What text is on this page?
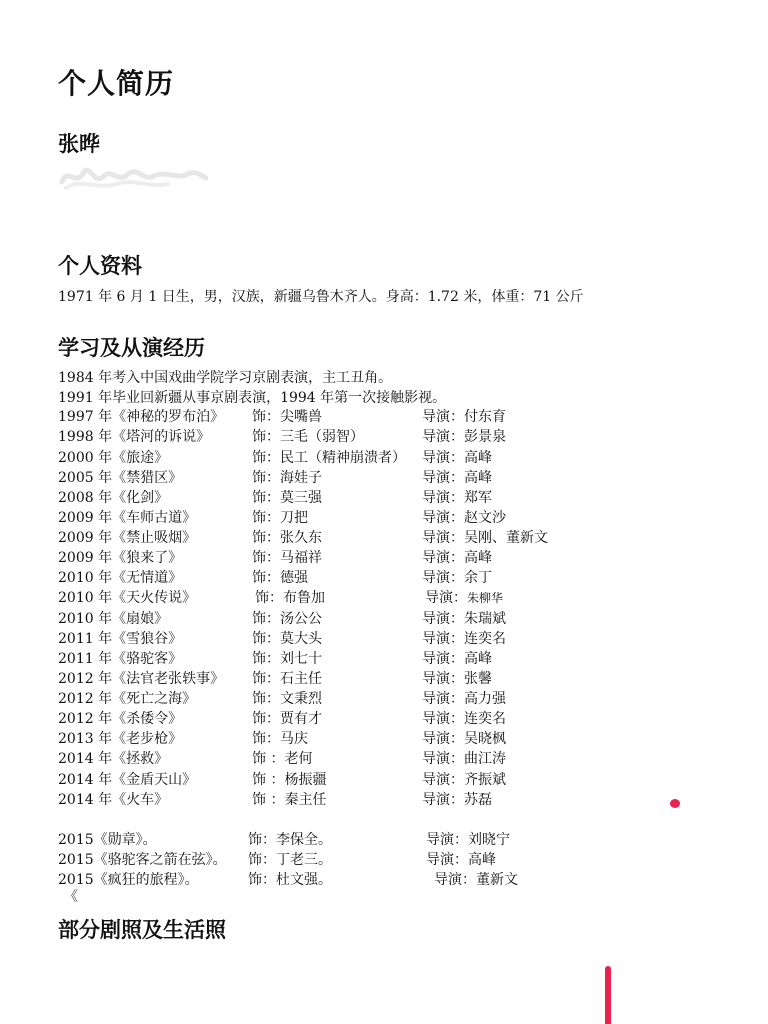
个人简历
张晔
个人资料
1971 年 6 月 1 日生，男，汉族，新疆乌鲁木齐人。身高：1.72 米，体重：71 公斤
学习及从演经历
1984 年考入中国戏曲学院学习京剧表演，主工丑角。
1991 年毕业回新疆从事京剧表演，1994 年第一次接触影视。
1997 年《神秘的罗布泊》 饰：尖嘴兽	导演：付东育
1998 年《塔河的诉说》	饰：三毛（弱智）	导演：彭景泉
2000 年《旅途》	饰：民工（精神崩溃者） 导演：高峰
2005 年《禁猎区》	饰：海娃子	导演：高峰
2008 年《化剑》	饰：莫三强	导演：郑军
2009 年《车师古道》	饰：刀把	导演：赵文沙
2009 年《禁止吸烟》	饰：张久东	导演：吴刚、董新文
2009 年《狼来了》	饰：马福祥	导演：高峰
2010 年《无情道》	饰：德强	导演：余丁
2010 年《天火传说》	饰：布鲁加	导演：朱柳华
2010 年《扇娘》	饰：汤公公	导演：朱瑞斌
2011 年《雪狼谷》	饰：莫大头	导演：连奕名
2011 年《骆驼客》	饰：刘七十	导演：高峰
2012 年《法官老张轶事》 饰：石主任	导演：张馨
2012 年《死亡之海》	饰：文秉烈	导演：高力强
2012 年《杀倭令》	饰：贾有才	导演：连奕名
2013 年《老步枪》	饰：马庆	导演：吴晓枫
2014 年《拯救》	饰 ：老何	导演：曲江涛
2014 年《金盾天山》	饰 ：杨振疆	导演：齐振斌
2014 年《火车》	饰 ：秦主任	导演：苏磊
2015《勋章》。	饰：李保全。	导演：刘晓宁
2015《骆驼客之箭在弦》。 饰：丁老三。	导演：高峰
2015《疯狂的旅程》。	饰：杜文强。	导演：董新文
《
部分剧照及生活照
